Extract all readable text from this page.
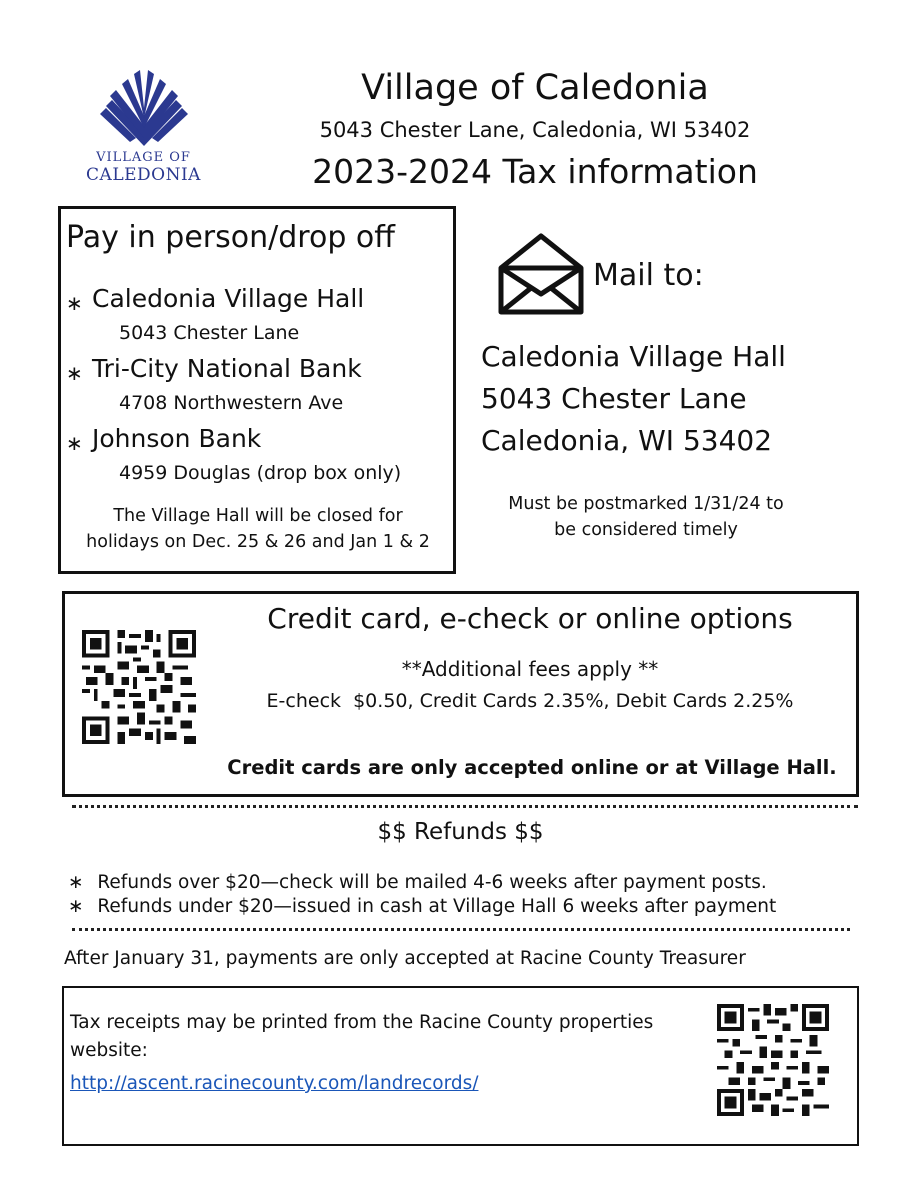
VILLAGE OF
CALEDONIA
Village of Caledonia
5043 Chester Lane, Caledonia, WI 53402
2023-2024 Tax information
Pay in person/drop off
∗ Caledonia Village Hall
5043 Chester Lane
∗ Tri-City National Bank
4708 Northwestern Ave
∗ Johnson Bank
4959 Douglas (drop box only)
The Village Hall will be closed for
holidays on Dec. 25 & 26 and Jan 1 & 2
Mail to:
Caledonia Village Hall
5043 Chester Lane
Caledonia, WI 53402
Must be postmarked 1/31/24 to
be considered timely
Credit card, e-check or online options
**Additional fees apply **
E-check  $0.50, Credit Cards 2.35%, Debit Cards 2.25%
Credit cards are only accepted online or at Village Hall.
$$ Refunds $$
∗ Refunds over $20—check will be mailed 4-6 weeks after payment posts.
∗ Refunds under $20—issued in cash at Village Hall 6 weeks after payment
After January 31, payments are only accepted at Racine County Treasurer
Tax receipts may be printed from the Racine County properties website:
http://ascent.racinecounty.com/landrecords/
